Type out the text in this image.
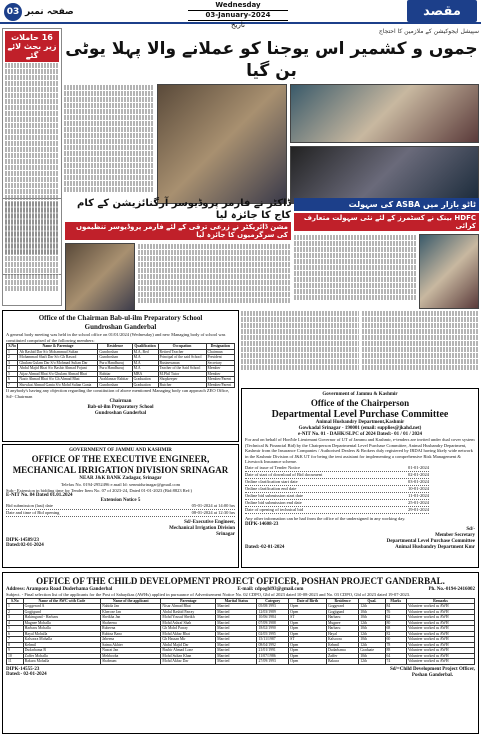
03 صفحہ نمبر
Wednesday
03-January-2024
تاریخ
مقصد
16 حاملات زیر بحث لائے گئے
سپیشل ایجوکیشن کے ملازمین کا احتجاج
جموں و کشمیر اس یوجنا کو عملانے والا پہلا یوٹی بن گیا
ڈاکٹر نے فارمر پروڈیوسر آرگنائزیشن کے کام کاج کا جائزہ لیا
مشن ڈائریکٹر نے زرعی ترقی کے لئے فارمر پروڈیوسر تنظیموں کی سرگرمیوں کا جائزہ لیا
ٹاٹو بازار میں ASBA کی سہولت
HDFC بینک نے کسٹمرز کے لئے نئی سہولت متعارف کرائی
Office of the Chairman Bab-ul-ilm Preparatory School
Gundroshan Ganderbal
A general body meeting was held in the school office on 01/01/2024 (Wednesday) and new Managing body of school was constituted comprised of the following members:
S.No	Name & Parentage	Residence	Qualification	Occupation	Designation
1	Ab Rashid Dar S/o Mohammad Sultan	Gundroshan	M.A, Bed	Retired Teacher	Chairman
2	Mohammad Shafi Dar S/o Gh Rasool	Gundroshan	M.A	Principal of the said School	President
3	Ghulam Gulam Dar S/o Mohmad Sultan Dar	Puru Handhuruj	M.A	Businessman	Secretary
4	Abdul Majid Bhat S/o Bashir Ahmad Fojuni	Puru Handhuruj	M.A	Teacher of the Said School	Member
5	Aijaz Ahmad Bhat S/o Ghulam Ahmad Bhat	Rabitar	MBA	M.Phil Tutor	Member
6	Nazir Ahmad Bhat S/o Gh Ahmad Bhat	Arahlanzar Rabitar	Graduation	Shopkeeper	Member/Parent
7	Showkat Ahmad Gania S/o Mohd Sultan Gania	Gundroshan	Graduation	Butcher	Member/Parent
If anybody's having any objection regarding the constitution of above mentioned Managing body can approach ZEO Office, Sd/- Chairman
Chairman
Bab-ul-ilm Preparatory School
Gundroshan Ganderbal
GOVERNMENT OF JAMMU AND KASHMIR
OFFICE OF THE EXECUTIVE ENGINEER,
MECHANICAL IRRIGATION DIVISION SRINAGAR
NEAR J&K BANK Zadagar, Srinagar
Telefax No. 0194-2952496 e.mail Id: xenmidsrinagar@gmail.com
Sub:- Extension in bidding time for Tender Item No. 07 of 2023-24, Dated 01-01-2023 (Bid:8823 Ref:)
E-NIT No. 84 Dated 01.01.2024
Extension Notice 5
Bid submission (last) date	05-01-2024 at 14:00 hrs
Date and time of Bid opening	08-01-2024 at 12:30 hrs
Sd/-Executive Engineer,
Mechanical Irrigation Division
Srinagar
DIPK-14589/23
Dated:02-01-2024
Government of Jammu & Kashmir
Office of the Chairperson
Departmental Level Purchase Committee
Animal Husbandry Department,Kashmir
Gowkadal Srinagar - 190001 (email: supplies@jkahd.net)
e-NIT No. 01 - DAHK/SLPC of 2024 Dated:- 01 / 01 / 2024
For and on behalf of Hon'ble Lieutenant Governor of UT of Jammu and Kashmir, e-tenders are invited under dual cover system (Technical & Financial Bid) by the Chairperson Departmental Level Purchase Committee, Animal Husbandry Department, Kashmir from the Insurance Companies / Authorised Dealers & Brokers duly registered by IRDAI having likely wide network in the Kashmir Division of J&K UT for being the tent assistant for implementing a comprehensive Risk Management & Livestock Insurance scheme.
Date of issue of Tender Notice	01-01-2024
Date of start of download of Bid document	02-01-2024
Online clarification start date	03-01-2024
Online clarification end date	10-01-2024
Online bid submission start date	11-01-2024
Online bid submission end date	25-01-2024
Date of opening of technical bid	29-01-2024
Any other information can be had from the office of the undersigned in any working day.
DIPK-14608-23
Sd/-
Member Secretary
Departmental Level Purchase Committee
Dated:-02-01-2024	Animal Husbandry Department Kmr
OFFICE OF THE CHILD DEVELOPMENT PROJECT OFFICER, POSHAN PROJECT GANDERBAL.
Address: Arampora Road Duderhama Ganderbal	E-mail: cdpogbl93@gmail.com	Ph. No.-0194-2416002
Subject. - Final selection list of the applicants for the Post of Sahayikas (AWHs) applied in pursuance of Advertisement Notice No. 02 CDPO, Gbl of 2023 dated 10-08-2023 and No. 03 CDPO, Gbl of 2023 dated 19-07-2023.
S.No	Name of the AWC with Code	Name of the applicant	Parentage	Marital Status	Category	Date of Birth	Residence	Qual.	Marks	Remarks
1	Goggerard A	Nahida Jan	Nisar Ahmad Bhat	Married	05/08/1993	Open	Goggerard	12th	84	Volunteer worked as AWH
2	Gogjigund	Kheroze Jan	Abdul Rashid Parray	Married	12/03/1989	Open	Gogjigund	10th	76	Volunteer worked as AWH
3	Hakimgund - Harbaru	Sheikha Jan	Mohd Yousuf Sheikh	Married	10/06/1984	ST	Harbaru	10th	62	Volunteer worked as AWH
4	Mugnee Mohalla	Shaheena	Mohd Ashraf Shah	Married	07/09/1988	Open	Mugnee	12th	80	Volunteer worked as AWH
5	Harbaru Mohalla	Rubeena	Gh Mohd Parray	Married	18/02/1990	Open	Harbaru	10th	68	Volunteer worked as AWH
6	Hayal Mohalla	Rubina Bano	Mohd Akbar Bhat	Married	02/05/1995	Open	Hayal	12th	82	Volunteer worked as AWH
7	Kalsoora Mohalla	Jabeena	Gh Hassan Mir	Married	15/11/1987	ST	Kalsoora	10th	60	Volunteer worked as AWH
8	Kehmil	Saima Akhter	Abdul Majid Dar	Married	08/04/1992	Open	Kehmil	12th	78	Volunteer worked as AWH
9	Dudarhama B	Nusrat Jan	Bashir Ahmad Lone	Married	21/01/1991	Open	Dudarhama	Graduate	88	Volunteer worked as AWH
10	Zaffer Mohalla	Mehbooba	Mohd Sultan Khan	Married	11/07/1986	Open	Zaffer	10th	64	Volunteer worked as AWH
11	Bakura Mohalla	Shabnum	Mohd Akbar Dar	Married	27/09/1993	Open	Bakura	12th	74	Volunteer worked as AWH
DIPK-14555-23
Dated:- 02-01-2024
Sd/=Child Development Project Officer,
Poshan Ganderbal.
